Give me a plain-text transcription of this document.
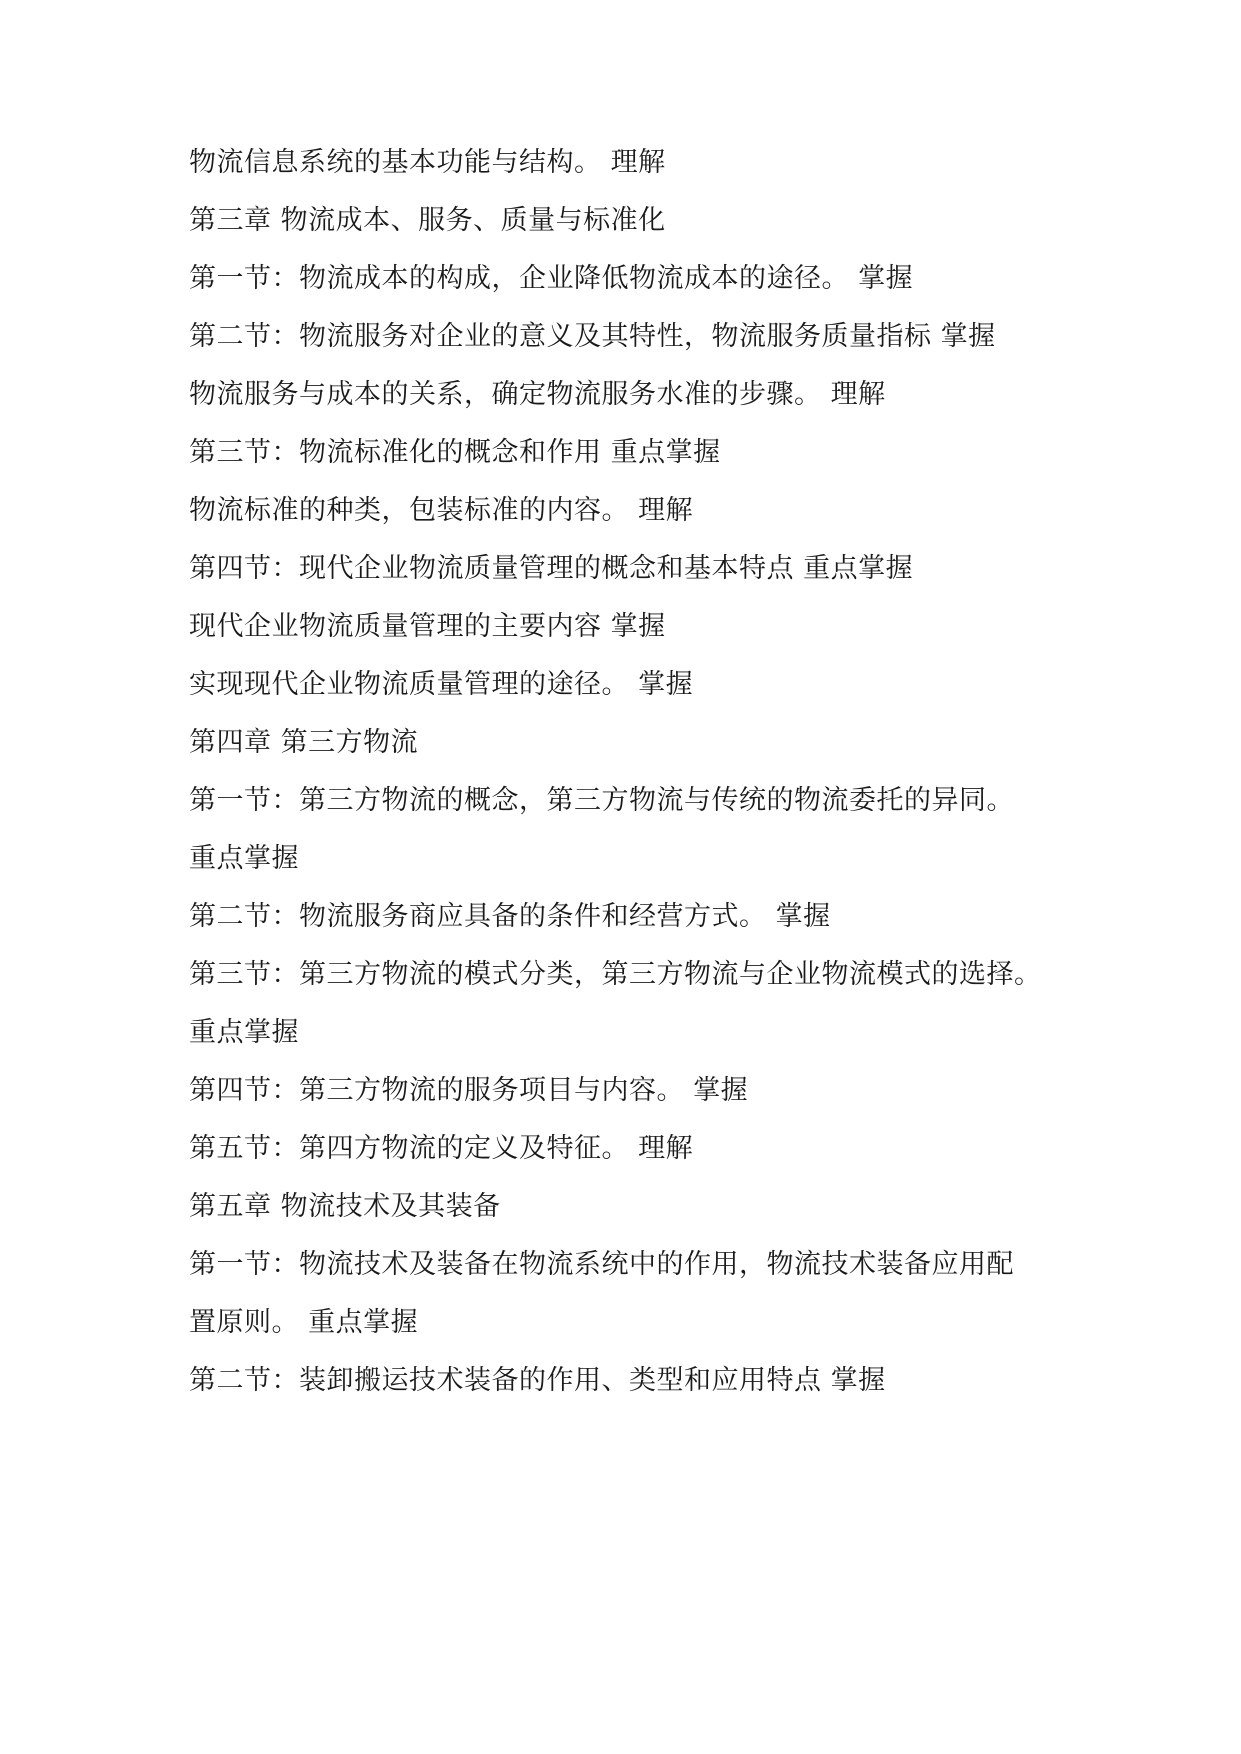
物流信息系统的基本功能与结构。 理解
第三章 物流成本、服务、质量与标准化
第一节：物流成本的构成，企业降低物流成本的途径。 掌握
第二节：物流服务对企业的意义及其特性，物流服务质量指标 掌握
物流服务与成本的关系，确定物流服务水准的步骤。 理解
第三节：物流标准化的概念和作用 重点掌握
物流标准的种类，包装标准的内容。 理解
第四节：现代企业物流质量管理的概念和基本特点 重点掌握
现代企业物流质量管理的主要内容 掌握
实现现代企业物流质量管理的途径。 掌握
第四章 第三方物流
第一节：第三方物流的概念，第三方物流与传统的物流委托的异同。
重点掌握
第二节：物流服务商应具备的条件和经营方式。 掌握
第三节：第三方物流的模式分类，第三方物流与企业物流模式的选择。
重点掌握
第四节：第三方物流的服务项目与内容。 掌握
第五节：第四方物流的定义及特征。 理解
第五章 物流技术及其装备
第一节：物流技术及装备在物流系统中的作用，物流技术装备应用配
置原则。 重点掌握
第二节：装卸搬运技术装备的作用、类型和应用特点 掌握
